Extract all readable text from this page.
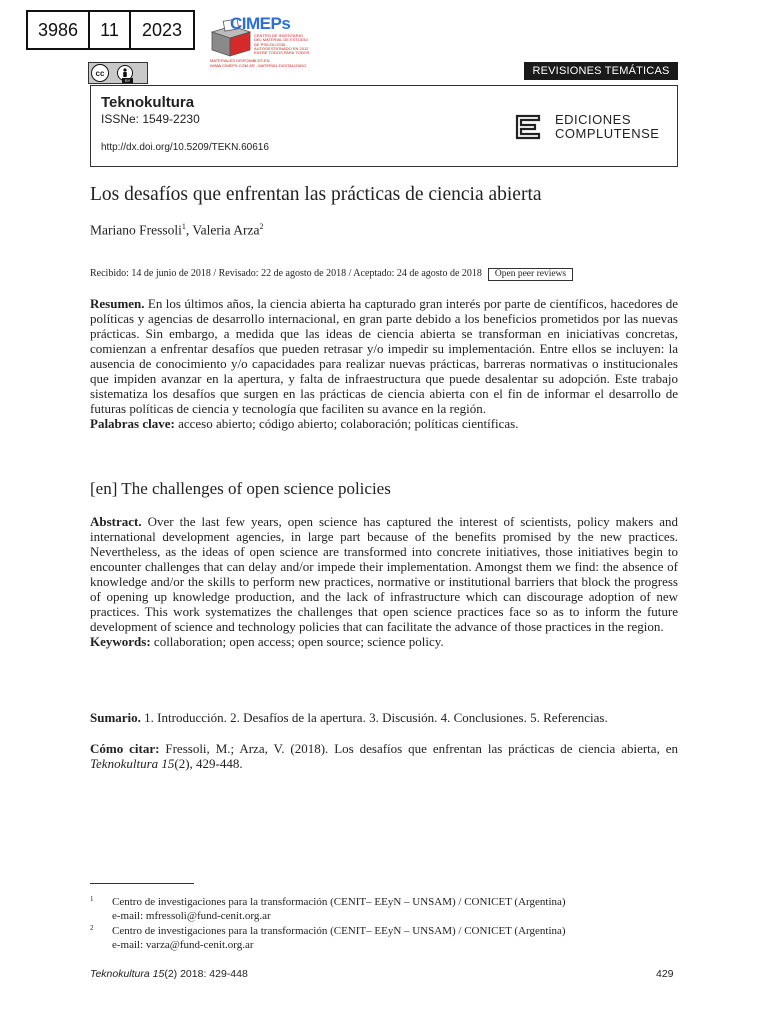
3986	11	2023	CIMEPs
CENTRO DE INVENTARIO
DEL MATERIAL DE ESTUDIO
DE PSICOLOGÍA
AUTOGESTIONADO EN 2012
ENTRE TODOS PARA TODOS
MATERIALES DISPONIBLES EN
WWW.CIMEPS.COM.AR - MATERIAL DIGITALIZADO
cc
BY
REVISIONES TEMÁTICAS
Teknokultura
ISSNe: 1549-2230
http://dx.doi.org/10.5209/TEKN.60616
EDICIONES
COMPLUTENSE
Los desafíos que enfrentan las prácticas de ciencia abierta
Mariano Fressoli$^1$, Valeria Arza$^2$
Recibido: 14 de junio de 2018 / Revisado: 22 de agosto de 2018 / Aceptado: 24 de agosto de 2018 Open peer reviews
Resumen. En los últimos años, la ciencia abierta ha capturado gran interés por parte de científicos, hacedores de políticas y agencias de desarrollo internacional, en gran parte debido a los beneficios prometidos por las nuevas prácticas. Sin embargo, a medida que las ideas de ciencia abierta se transforman en iniciativas concretas, comienzan a enfrentar desafíos que pueden retrasar y/o impedir su implementación. Entre ellos se incluyen: la ausencia de conocimiento y/o capacidades para realizar nuevas prácticas, barreras normativas o institucionales que impiden avanzar en la apertura, y falta de infraestructura que puede desalentar su adopción. Este trabajo sistematiza los desafíos que surgen en las prácticas de ciencia abierta con el fin de informar el desarrollo de futuras políticas de ciencia y tecnología que faciliten su avance en la región.
Palabras clave: acceso abierto; código abierto; colaboración; políticas científicas.
[en] The challenges of open science policies
Abstract. Over the last few years, open science has captured the interest of scientists, policy makers and international development agencies, in large part because of the benefits promised by the new practices. Nevertheless, as the ideas of open science are transformed into concrete initiatives, those initiatives begin to encounter challenges that can delay and/or impede their implementation. Amongst them we find: the absence of knowledge and/or the skills to perform new practices, normative or institutional barriers that block the progress of opening up knowledge production, and the lack of infrastructure which can discourage adoption of new practices. This work systematizes the challenges that open science practices face so as to inform the future development of science and technology policies that can facilitate the advance of those practices in the region.
Keywords: collaboration; open access; open source; science policy.
Sumario. 1. Introducción. 2. Desafíos de la apertura. 3. Discusión. 4. Conclusiones. 5. Referencias.
Cómo citar: Fressoli, M.; Arza, V. (2018). Los desafíos que enfrentan las prácticas de ciencia abierta, en Teknokultura 15(2), 429-448.
1 Centro de investigaciones para la transformación (CENIT– EEyN – UNSAM) / CONICET (Argentina)
e-mail: mfressoli@fund-cenit.org.ar
2 Centro de investigaciones para la transformación (CENIT– EEyN – UNSAM) / CONICET (Argentina)
e-mail: varza@fund-cenit.org.ar
Teknokultura 15(2) 2018: 429-448	429
